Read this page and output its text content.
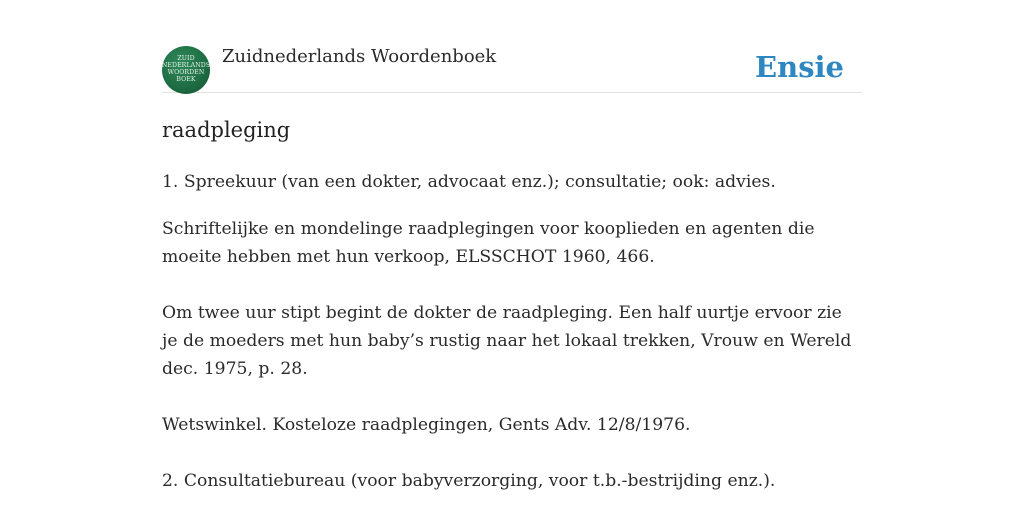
ZUID
NEDERLANDS
WOORDEN
BOEK
Zuidnederlands Woordenboek	Ensie
raadpleging

1. Spreekuur (van een dokter, advocaat enz.); consultatie; ook: advies.

Schriftelijke en mondelinge raadplegingen voor kooplieden en agenten die moeite hebben met hun verkoop, ELSSCHOT 1960, 466.

Om twee uur stipt begint de dokter de raadpleging. Een half uurtje ervoor zie je de moeders met hun baby’s rustig naar het lokaal trekken, Vrouw en Wereld dec. 1975, p. 28.

Wetswinkel. Kosteloze raadplegingen, Gents Adv. 12/8/1976.

2. Consultatiebureau (voor babyverzorging, voor t.b.-bestrijding enz.).
